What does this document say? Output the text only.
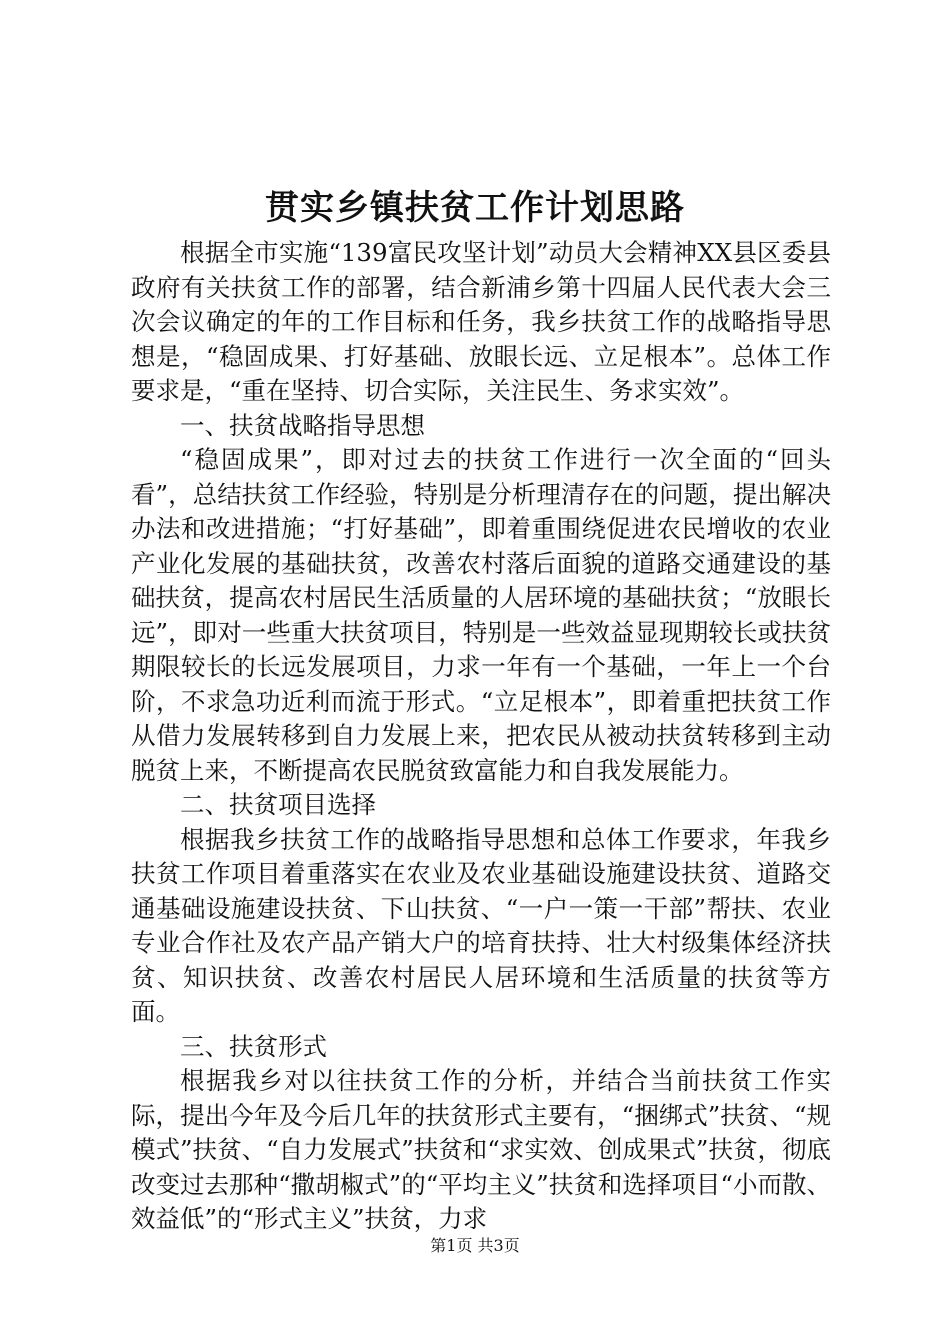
贯实乡镇扶贫工作计划思路

根据全市实施“139富民攻坚计划”动员大会精神XX县区委县政府有关扶贫工作的部署，结合新浦乡第十四届人民代表大会三次会议确定的年的工作目标和任务，我乡扶贫工作的战略指导思想是，“稳固成果、打好基础、放眼长远、立足根本”。总体工作要求是，“重在坚持、切合实际，关注民生、务求实效”。

一、扶贫战略指导思想

“稳固成果”，即对过去的扶贫工作进行一次全面的“回头看”，总结扶贫工作经验，特别是分析理清存在的问题，提出解决办法和改进措施；“打好基础”，即着重围绕促进农民增收的农业产业化发展的基础扶贫，改善农村落后面貌的道路交通建设的基础扶贫，提高农村居民生活质量的人居环境的基础扶贫；“放眼长远”，即对一些重大扶贫项目，特别是一些效益显现期较长或扶贫期限较长的长远发展项目，力求一年有一个基础，一年上一个台阶，不求急功近利而流于形式。“立足根本”，即着重把扶贫工作从借力发展转移到自力发展上来，把农民从被动扶贫转移到主动脱贫上来，不断提高农民脱贫致富能力和自我发展能力。

二、扶贫项目选择

根据我乡扶贫工作的战略指导思想和总体工作要求，年我乡扶贫工作项目着重落实在农业及农业基础设施建设扶贫、道路交通基础设施建设扶贫、下山扶贫、“一户一策一干部”帮扶、农业专业合作社及农产品产销大户的培育扶持、壮大村级集体经济扶贫、知识扶贫、改善农村居民人居环境和生活质量的扶贫等方面。

三、扶贫形式

根据我乡对以往扶贫工作的分析，并结合当前扶贫工作实际，提出今年及今后几年的扶贫形式主要有，“捆绑式”扶贫、“规模式”扶贫、“自力发展式”扶贫和“求实效、创成果式”扶贫，彻底改变过去那种“撒胡椒式”的“平均主义”扶贫和选择项目“小而散、效益低”的“形式主义”扶贫，力求

第1页 共3页
